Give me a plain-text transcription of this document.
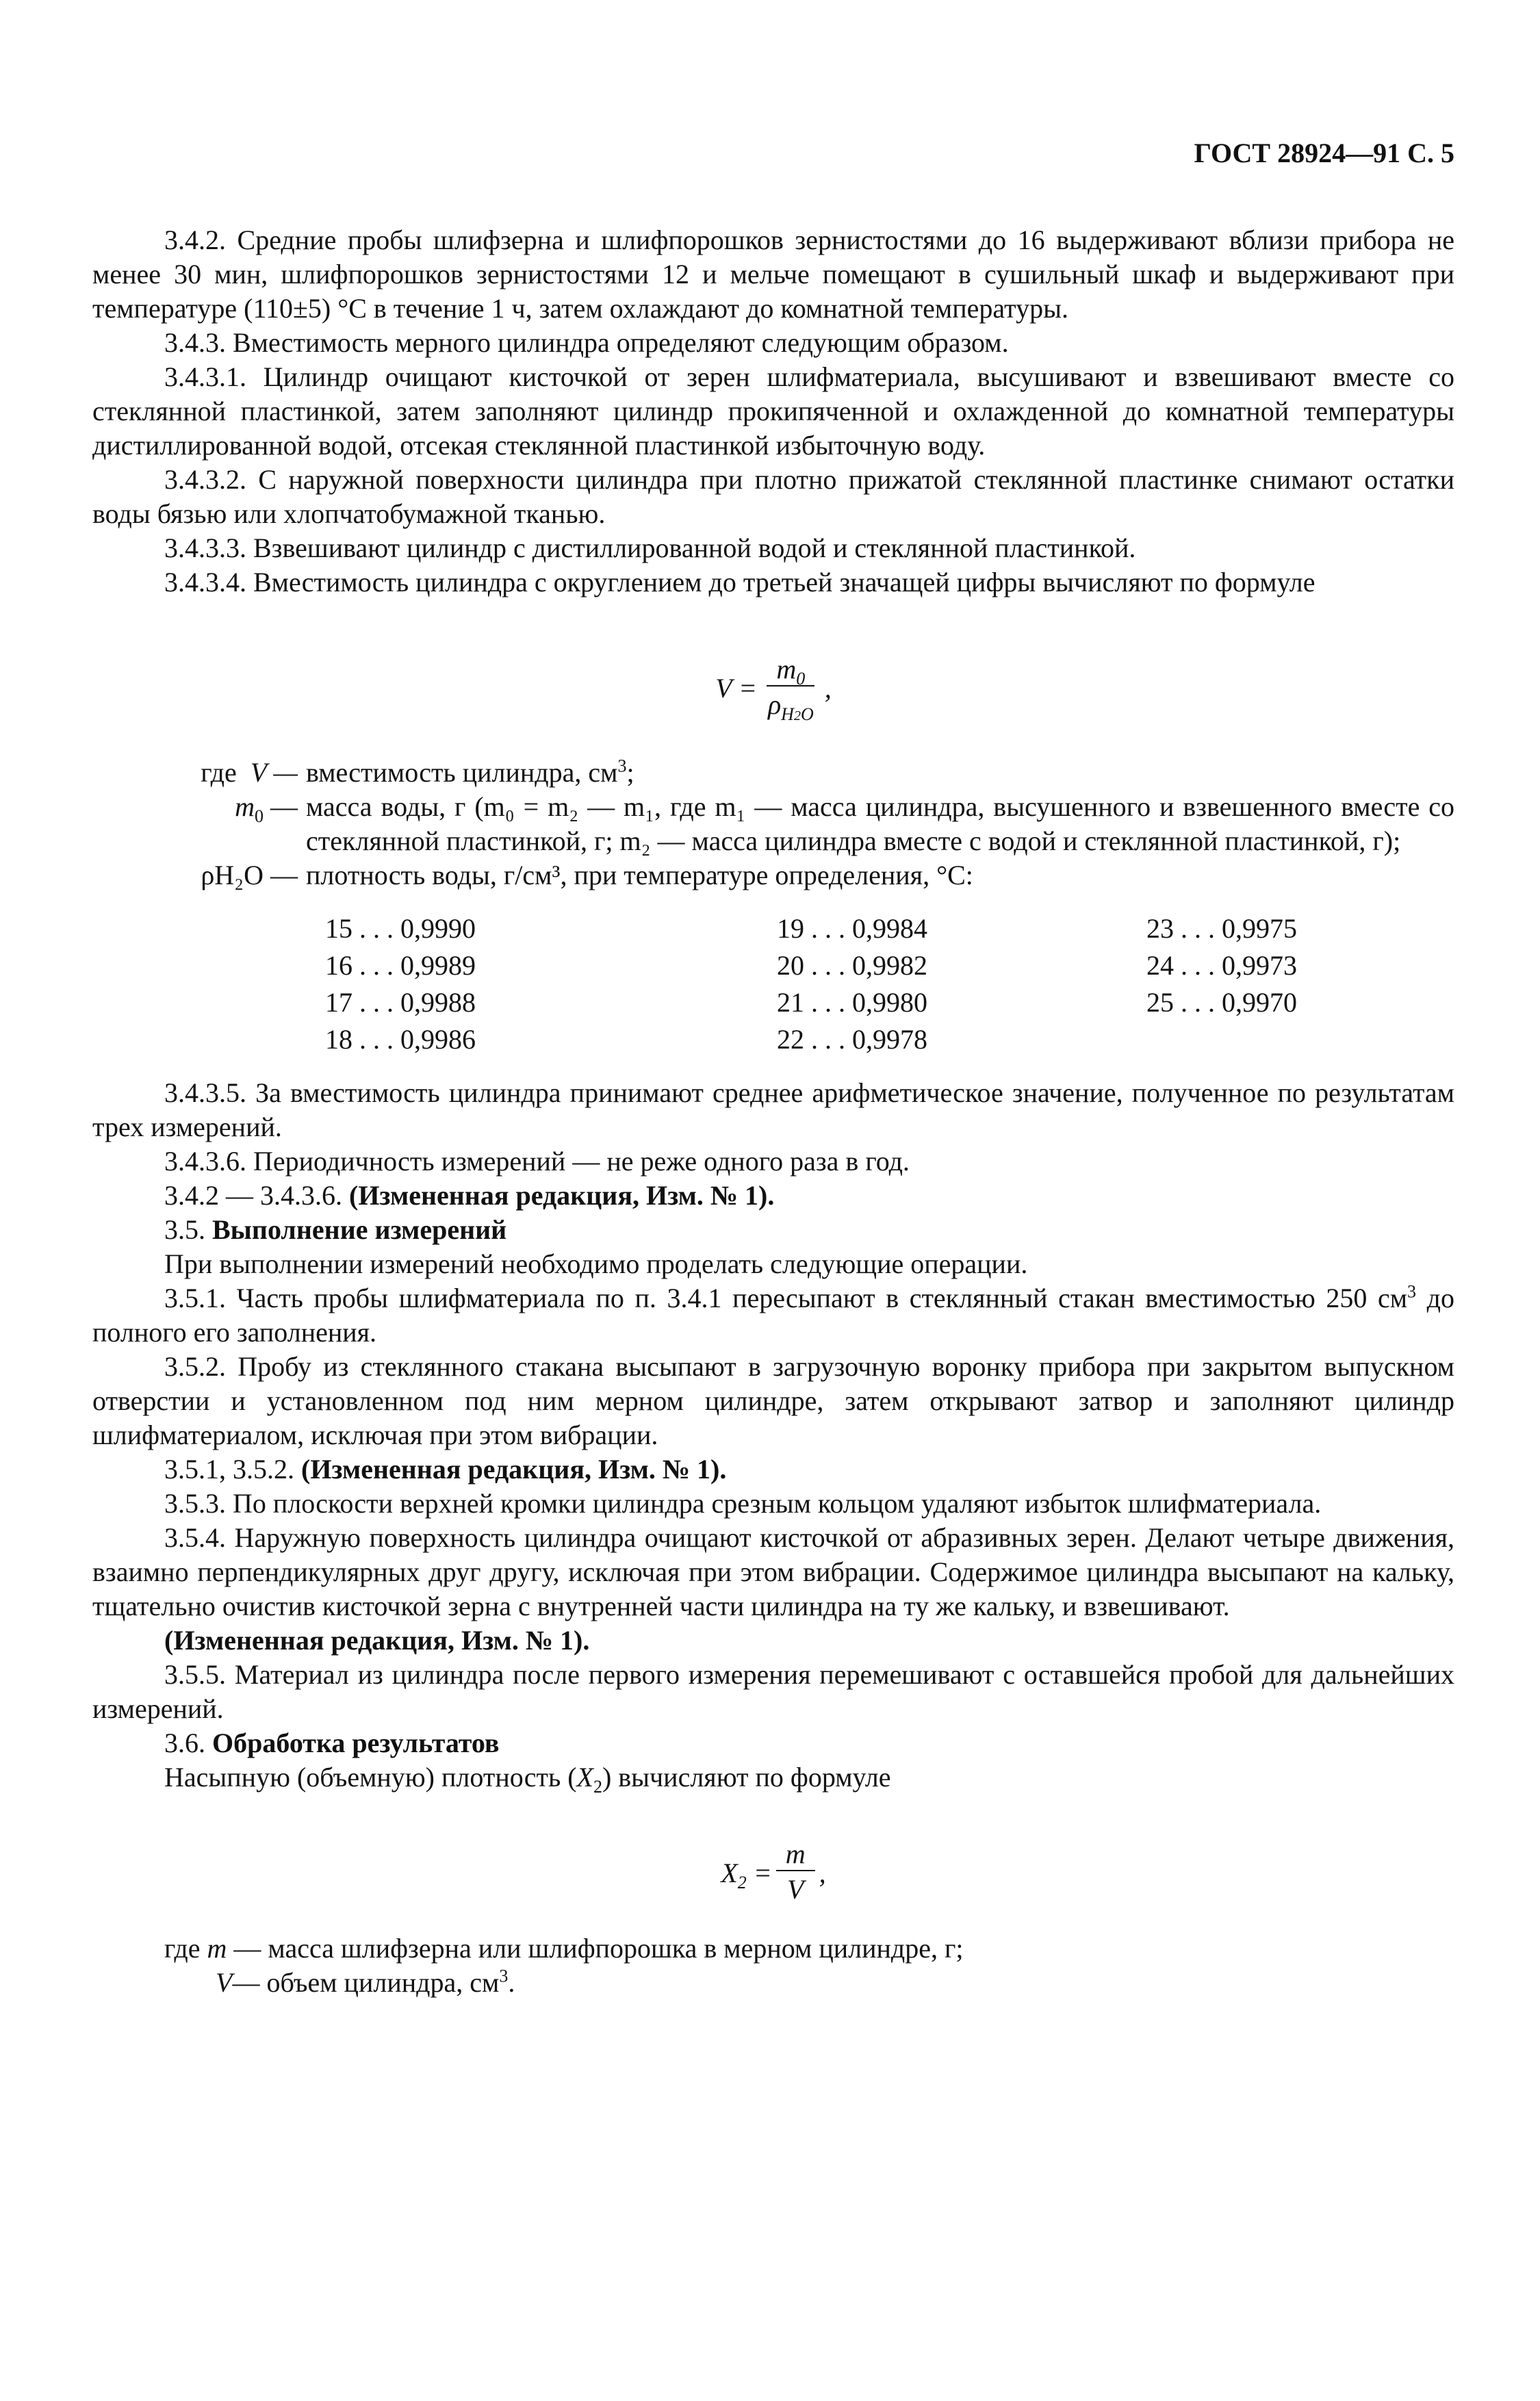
ГОСТ 28924—91 С. 5

3.4.2. Средние пробы шлифзерна и шлифпорошков зернистостями до 16 выдерживают вблизи прибора не менее 30 мин, шлифпорошков зернистостями 12 и мельче помещают в сушильный шкаф и выдерживают при температуре (110±5) °С в течение 1 ч, затем охлаждают до комнатной температуры.

3.4.3. Вместимость мерного цилиндра определяют следующим образом.

3.4.3.1. Цилиндр очищают кисточкой от зерен шлифматериала, высушивают и взвешивают вместе со стеклянной пластинкой, затем заполняют цилиндр прокипяченной и охлажденной до комнатной температуры дистиллированной водой, отсекая стеклянной пластинкой избыточную воду.

3.4.3.2. С наружной поверхности цилиндра при плотно прижатой стеклянной пластинке снимают остатки воды бязью или хлопчатобумажной тканью.

3.4.3.3. Взвешивают цилиндр с дистиллированной водой и стеклянной пластинкой.

3.4.3.4. Вместимость цилиндра с округлением до третьей значащей цифры вычисляют по формуле

$V = \frac{m_0}{\rho_{H2O}}$ ,
где V — вместимость цилиндра, $см^3$;
$m_0$ — масса воды, г (m₀ = m₂ — m₁, где m₁ — масса цилиндра, высушенного и взвешенного вместе со стеклянной пластинкой, г; m₂ — масса цилиндра вместе с водой и стеклянной пластинкой, г);
ρH₂O — плотность воды, г/см³, при температуре определения, °С:
15 . . . 0,9990	19 . . . 0,9984	23 . . . 0,9975
16 . . . 0,9989	20 . . . 0,9982	24 . . . 0,9973
17 . . . 0,9988	21 . . . 0,9980	25 . . . 0,9970
18 . . . 0,9986	22 . . . 0,9978

3.4.3.5. За вместимость цилиндра принимают среднее арифметическое значение, полученное по результатам трех измерений.

3.4.3.6. Периодичность измерений — не реже одного раза в год.

3.4.2 — 3.4.3.6. (Измененная редакция, Изм. № 1).

3.5. Выполнение измерений

При выполнении измерений необходимо проделать следующие операции.

3.5.1. Часть пробы шлифматериала по п. 3.4.1 пересыпают в стеклянный стакан вместимостью 250 $см^3$ до полного его заполнения.

3.5.2. Пробу из стеклянного стакана высыпают в загрузочную воронку прибора при закрытом выпускном отверстии и установленном под ним мерном цилиндре, затем открывают затвор и заполняют цилиндр шлифматериалом, исключая при этом вибрации.

3.5.1, 3.5.2. (Измененная редакция, Изм. № 1).

3.5.3. По плоскости верхней кромки цилиндра срезным кольцом удаляют избыток шлифматериала.

3.5.4. Наружную поверхность цилиндра очищают кисточкой от абразивных зерен. Делают четыре движения, взаимно перпендикулярных друг другу, исключая при этом вибрации. Содержимое цилиндра высыпают на кальку, тщательно очистив кисточкой зерна с внутренней части цилиндра на ту же кальку, и взвешивают.

(Измененная редакция, Изм. № 1).

3.5.5. Материал из цилиндра после первого измерения перемешивают с оставшейся пробой для дальнейших измерений.

3.6. Обработка результатов

Насыпную (объемную) плотность $(X_2)$ вычисляют по формуле

$X_2 = \frac{m}{V}$ ,
где m — масса шлифзерна или шлифпорошка в мерном цилиндре, г;
V— объем цилиндра, $см^3$.
